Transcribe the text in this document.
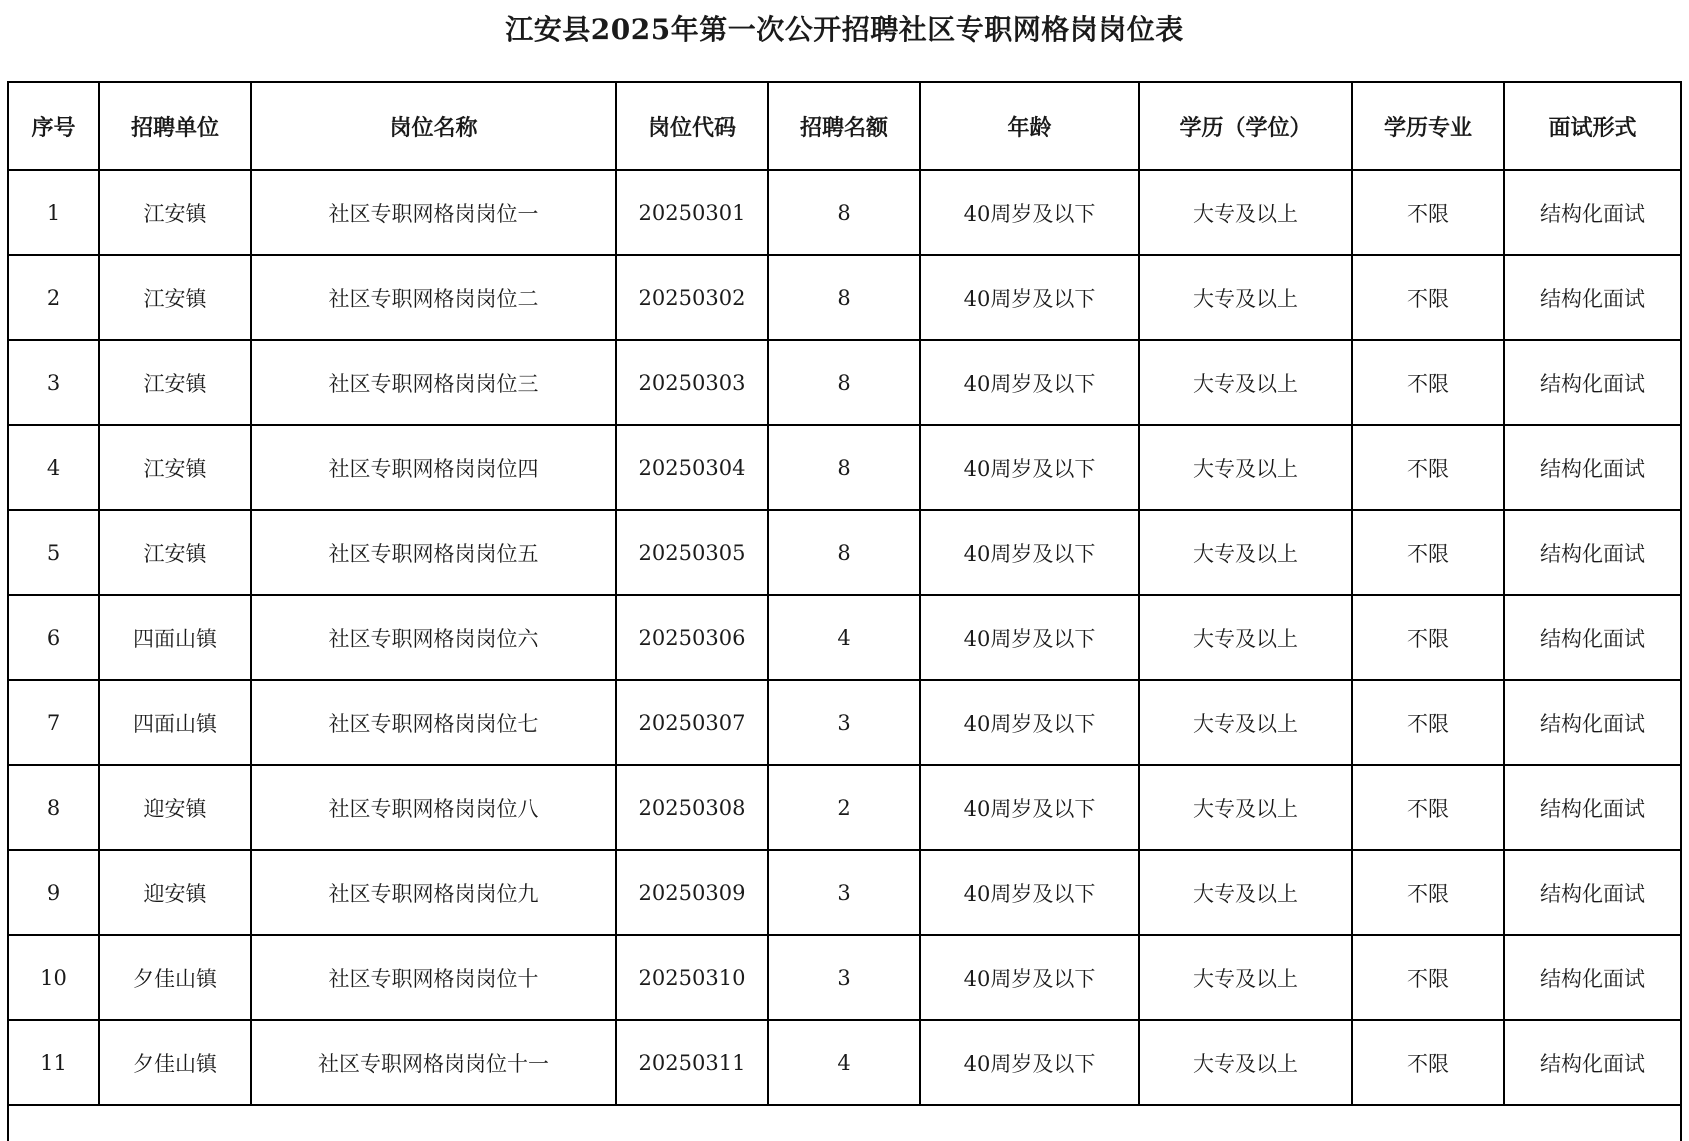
江安县2025年第一次公开招聘社区专职网格岗岗位表
序号	招聘单位	岗位名称	岗位代码	招聘名额	年龄	学历（学位）	学历专业	面试形式
1	江安镇	社区专职网格岗岗位一	20250301	8	40周岁及以下	大专及以上	不限	结构化面试
2	江安镇	社区专职网格岗岗位二	20250302	8	40周岁及以下	大专及以上	不限	结构化面试
3	江安镇	社区专职网格岗岗位三	20250303	8	40周岁及以下	大专及以上	不限	结构化面试
4	江安镇	社区专职网格岗岗位四	20250304	8	40周岁及以下	大专及以上	不限	结构化面试
5	江安镇	社区专职网格岗岗位五	20250305	8	40周岁及以下	大专及以上	不限	结构化面试
6	四面山镇	社区专职网格岗岗位六	20250306	4	40周岁及以下	大专及以上	不限	结构化面试
7	四面山镇	社区专职网格岗岗位七	20250307	3	40周岁及以下	大专及以上	不限	结构化面试
8	迎安镇	社区专职网格岗岗位八	20250308	2	40周岁及以下	大专及以上	不限	结构化面试
9	迎安镇	社区专职网格岗岗位九	20250309	3	40周岁及以下	大专及以上	不限	结构化面试
10	夕佳山镇	社区专职网格岗岗位十	20250310	3	40周岁及以下	大专及以上	不限	结构化面试
11	夕佳山镇	社区专职网格岗岗位十一	20250311	4	40周岁及以下	大专及以上	不限	结构化面试
